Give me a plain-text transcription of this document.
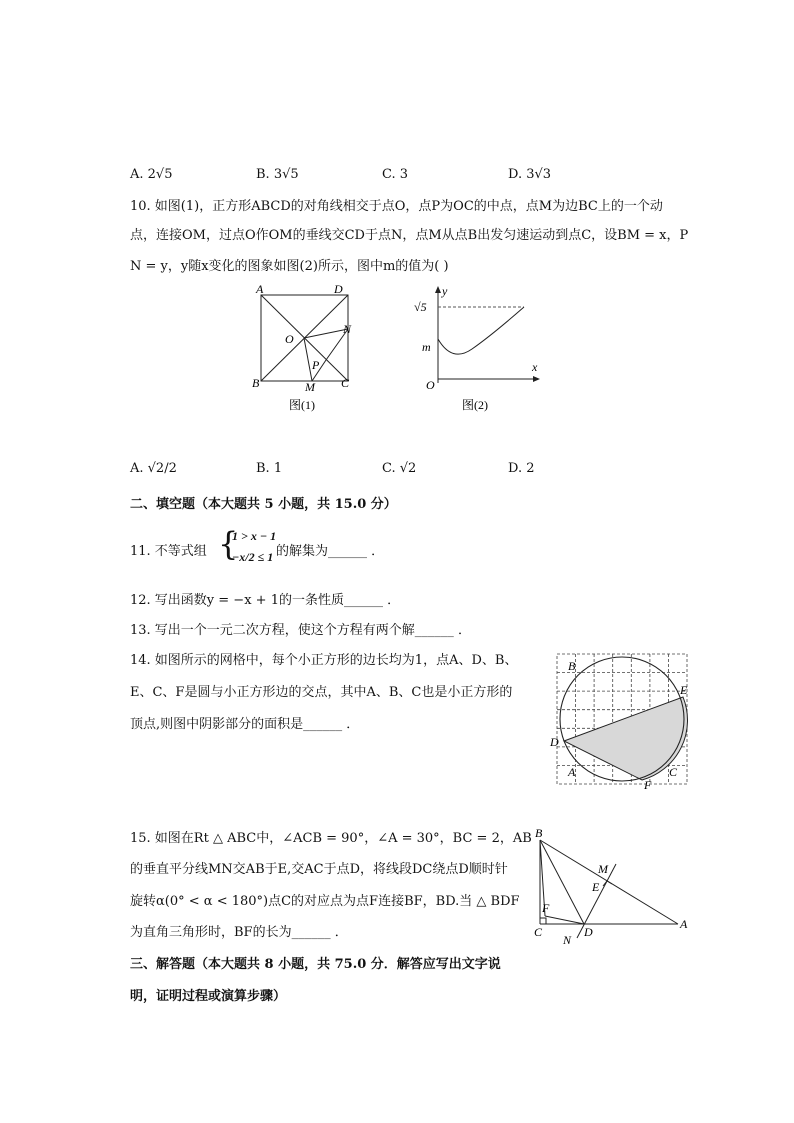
A. 2√5	B. 3√5	C. 3	D. 3√3
10. 如图(1)，正方形ABCD的对角线相交于点O，点P为OC的中点，点M为边BC上的一个动
点，连接OM，过点O作OM的垂线交CD于点N，点M从点B出发匀速运动到点C，设BM = x，P
N = y，y随x变化的图象如图(2)所示，图中m的值为( )
A
B	C
D
O
N
P
M
图(1)
y
x
√5
m
O
图(2)
A. √2/2	B. 1	C. √2	D. 2
二、填空题（本大题共 5 小题，共 15.0 分）
11. 不等式组 {
1 > x − 1
−x/2 ≤ 1 的解集为______ ．
12. 写出函数y = −x + 1的一条性质______ ．
13. 写出一个一元二次方程，使这个方程有两个解______ ．
14. 如图所示的网格中，每个小正方形的边长均为1，点A、D、B、
E、C、F是圆与小正方形边的交点，其中A、B、C也是小正方形的
顶点,则图中阴影部分的面积是______ ．
B
E
D
A	C
F
15. 如图在Rt △ ABC中，∠ACB = 90°，∠A = 30°，BC = 2，AB
的垂直平分线MN交AB于E,交AC于点D，将线段DC绕点D顺时针
旋转α(0° < α < 180°)点C的对应点为点F连接BF，BD.当 △ BDF
为直角三角形时，BF的长为______ ．
B
M
E
F
C
N
D
A
三、解答题（本大题共 8 小题，共 75.0 分．解答应写出文字说
明，证明过程或演算步骤）
